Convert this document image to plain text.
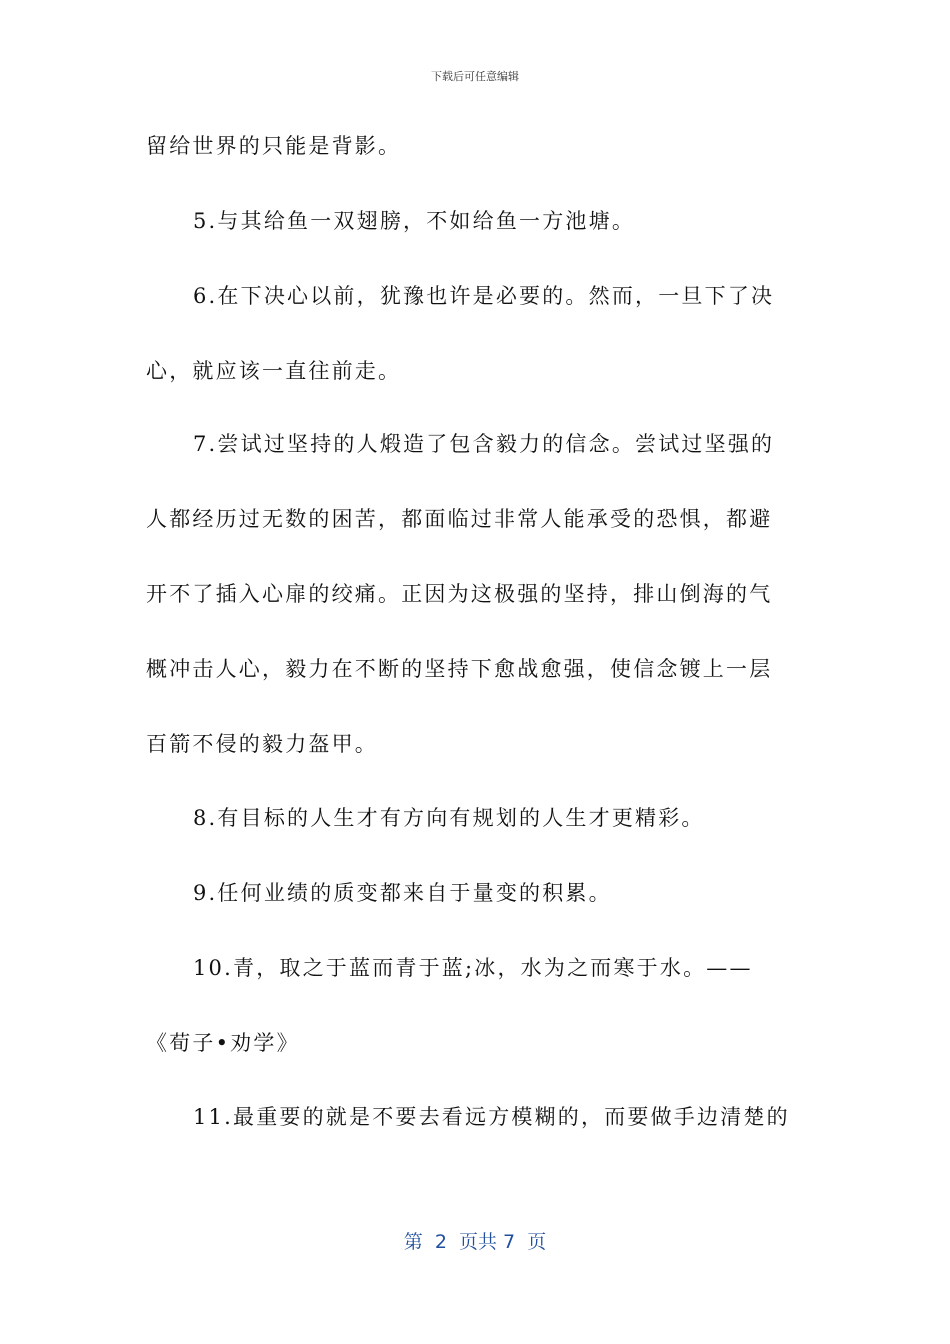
下载后可任意编辑
留给世界的只能是背影。
5.与其给鱼一双翅膀，不如给鱼一方池塘。
6.在下决心以前，犹豫也许是必要的。然而，一旦下了决
心，就应该一直往前走。
7.尝试过坚持的人煅造了包含毅力的信念。尝试过坚强的
人都经历过无数的困苦，都面临过非常人能承受的恐惧，都避
开不了插入心扉的绞痛。正因为这极强的坚持，排山倒海的气
概冲击人心，毅力在不断的坚持下愈战愈强，使信念镀上一层
百箭不侵的毅力盔甲。
8.有目标的人生才有方向有规划的人生才更精彩。
9.任何业绩的质变都来自于量变的积累。
10.青，取之于蓝而青于蓝;冰，水为之而寒于水。——
《荀子•劝学》
11.最重要的就是不要去看远方模糊的，而要做手边清楚的
第  2  页共 7  页
